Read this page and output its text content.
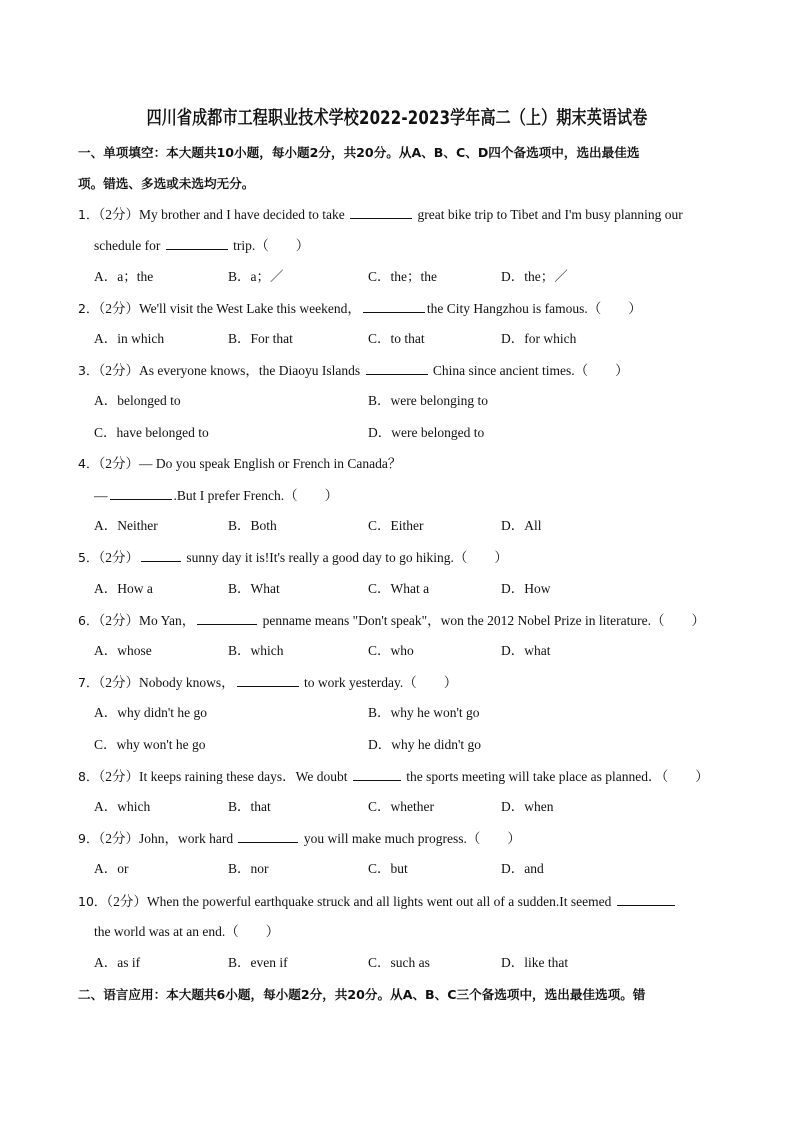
四川省成都市工程职业技术学校2022-2023学年高二（上）期末英语试卷
一、单项填空：本大题共10小题，每小题2分，共20分。从A、B、C、D四个备选项中，选出最佳选
项。错选、多选或未选均无分。
1．（2分）My brother and I have decided to take	great bike trip to Tibet and I'm busy planning our
schedule for	trip.（　　）
A．a；the	B．a；／	C．the；the	D．the；／
2．（2分）We'll visit the West Lake this weekend，	the City Hangzhou is famous.（　　）
A．in which	B．For that	C．to that	D．for which
3．（2分）As everyone knows，the Diaoyu Islands	China since ancient times.（　　）
A．belonged to	B．were belonging to
C．have belonged to	D．were belonged to
4．（2分）— Do you speak English or French in Canada？
—	.But I prefer French.（　　）
A．Neither	B．Both	C．Either	D．All
5．（2分）	sunny day it is!It's really a good day to go hiking.（　　）
A．How a	B．What	C．What a	D．How
6．（2分）Mo Yan，	penname means "Don't speak"，won the 2012 Nobel Prize in literature.（　　）
A．whose	B．which	C．who	D．what
7．（2分）Nobody knows，	to work yesterday.（　　）
A．why didn't he go	B．why he won't go
C．why won't he go	D．why he didn't go
8．（2分）It keeps raining these days．We doubt	the sports meeting will take place as planned．（　　）
A．which	B．that	C．whether	D．when
9．（2分）John，work hard	you will make much progress.（　　）
A．or	B．nor	C．but	D．and
10．（2分）When the powerful earthquake struck and all lights went out all of a sudden.It seemed
the world was at an end.（　　）
A．as if	B．even if	C．such as	D．like that
二、语言应用：本大题共6小题，每小题2分，共20分。从A、B、C三个备选项中，选出最佳选项。错
